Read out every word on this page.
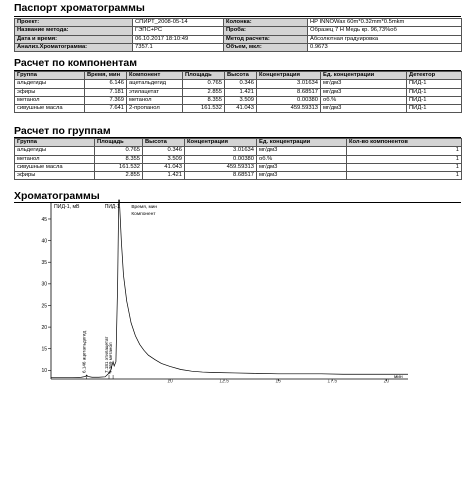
Паспорт хроматограммы
Проект:	СПИРТ_2008-05-14	Колонка:	HP INNOWax 60m*0.32mm*0.5mkm
Название метода:	ГЭПС+РС	Проба:	Образец 7 Н Медь кр. 96,73%об
Дата и время:	06.10.2017 18:10:49	Метод расчета:	Абсолютная градуировка
Анализ.Хроматограмма:	7357.1	Объем, мкл:	0.9673
Расчет по компонентам
Группа	Время, мин	Компонент	Площадь	Высота	Концентрация	Ед. концентрации	Детектор
альдегиды	6.146	ацетальдегид	0.765	0.346	3.01634	мг/дм3	ПИД-1
эфиры	7.181	этилацетат	2.855	1.421	8.68517	мг/дм3	ПИД-1
метанол	7.369	метанол	8.355	3.509	0.00380	об.%	ПИД-1
сивушные масла	7.641	2-пропанол	161.532	41.043	459.59313	мг/дм3	ПИД-1
Расчет по группам
Группа	Площадь	Высота	Концентрация	Ед. концентрации	Кол-во компонентов
альдегиды	0.765	0.346	3.01634	мг/дм3	1
метанол	8.355	3.509	0.00380	об.%	1
сивушные масла	161.532	41.043	459.59313	мг/дм3	1
эфиры	2.855	1.421	8.68517	мг/дм3	1
Хроматограммы
ПИД-1, мВ
мин
10
15
20
25
30
35
40
45
10	12.5	15	17.5	20
6.146 ацетальдегид	7.181 этилацетат 7.369 метанол
ПИД-1 Время, мин
Компонент
